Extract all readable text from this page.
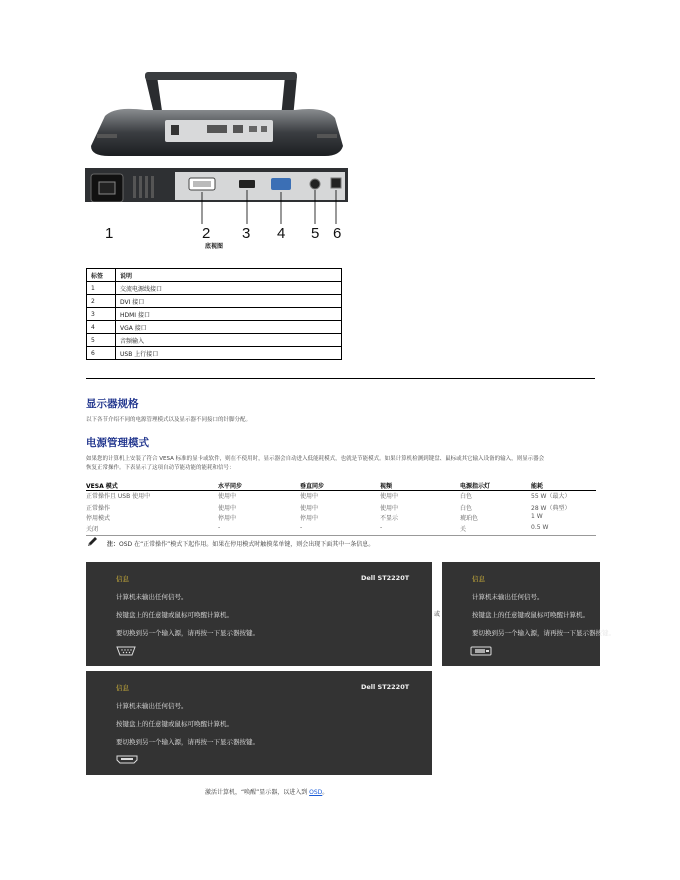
1	2 3 4 5 6
底视图
标签	说明
1	交流电源线接口
2	DVI 接口
3	HDMI 接口
4	VGA 接口
5	音频输入
6	USB 上行接口
显示器规格
以下各节介绍不同的电源管理模式以及显示器不同接口的针脚分配。
电源管理模式
如果您的计算机上安装了符合 VESA 标准的显卡或软件，则在不使用时，显示器会自动进入低能耗模式，也就是节能模式。如果计算机检测到键盘、鼠标或其它输入设备的输入，则显示器会
恢复正常操作。下表显示了这项自动节能功能的能耗和信号：
VESA 模式	水平同步	垂直同步	视频	电源指示灯	能耗
正常操作且 USB 使用中	使用中	使用中	使用中	白色	55 W（最大）
正常操作	使用中	使用中	使用中	白色	28 W（典型）
停用模式	停用中	停用中	不显示	琥珀色	1 W
关闭	-	-	-	关	0.5 W
注：OSD 在“正常操作”模式下起作用。如果在停用模式时触摸菜单键，则会出现下面其中一条信息。
信息	Dell ST2220T
计算机未输出任何信号。
按键盘上的任意键或鼠标可唤醒计算机。
要切换到另一个输入源，请再按一下显示器按键。
或
信息
计算机未输出任何信号。
按键盘上的任意键或鼠标可唤醒计算机。
要切换到另一个输入源，请再按一下显示器按键。
信息	Dell ST2220T
计算机未输出任何信号。
按键盘上的任意键或鼠标可唤醒计算机。
要切换到另一个输入源，请再按一下显示器按键。
激活计算机，“唤醒”显示器，以进入到 OSD。
